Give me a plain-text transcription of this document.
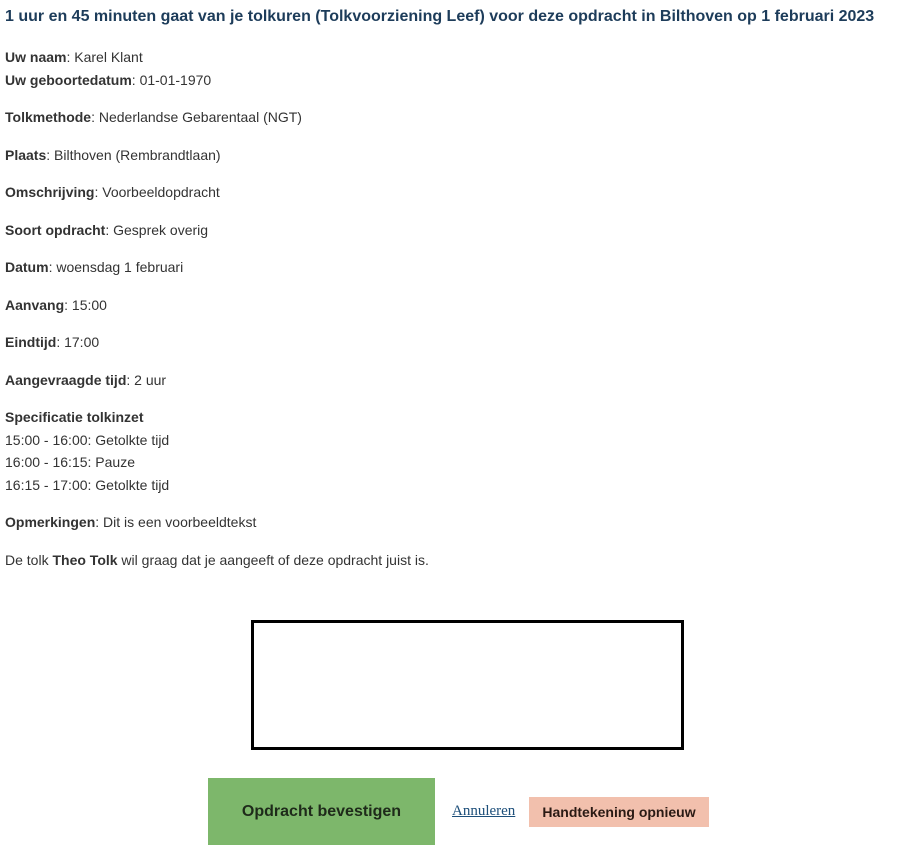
1 uur en 45 minuten gaat van je tolkuren (Tolkvoorziening Leef) voor deze opdracht in Bilthoven op 1 februari 2023

Uw naam: Karel Klant

Uw geboortedatum: 01-01-1970

Tolkmethode: Nederlandse Gebarentaal (NGT)

Plaats: Bilthoven (Rembrandtlaan)

Omschrijving: Voorbeeldopdracht

Soort opdracht: Gesprek overig

Datum: woensdag 1 februari

Aanvang: 15:00

Eindtijd: 17:00

Aangevraagde tijd: 2 uur

Specificatie tolkinzet

15:00 - 16:00: Getolkte tijd

16:00 - 16:15: Pauze

16:15 - 17:00: Getolkte tijd

Opmerkingen: Dit is een voorbeeldtekst

De tolk Theo Tolk wil graag dat je aangeeft of deze opdracht juist is.

Opdracht bevestigen	Annuleren	Handtekening opnieuw
